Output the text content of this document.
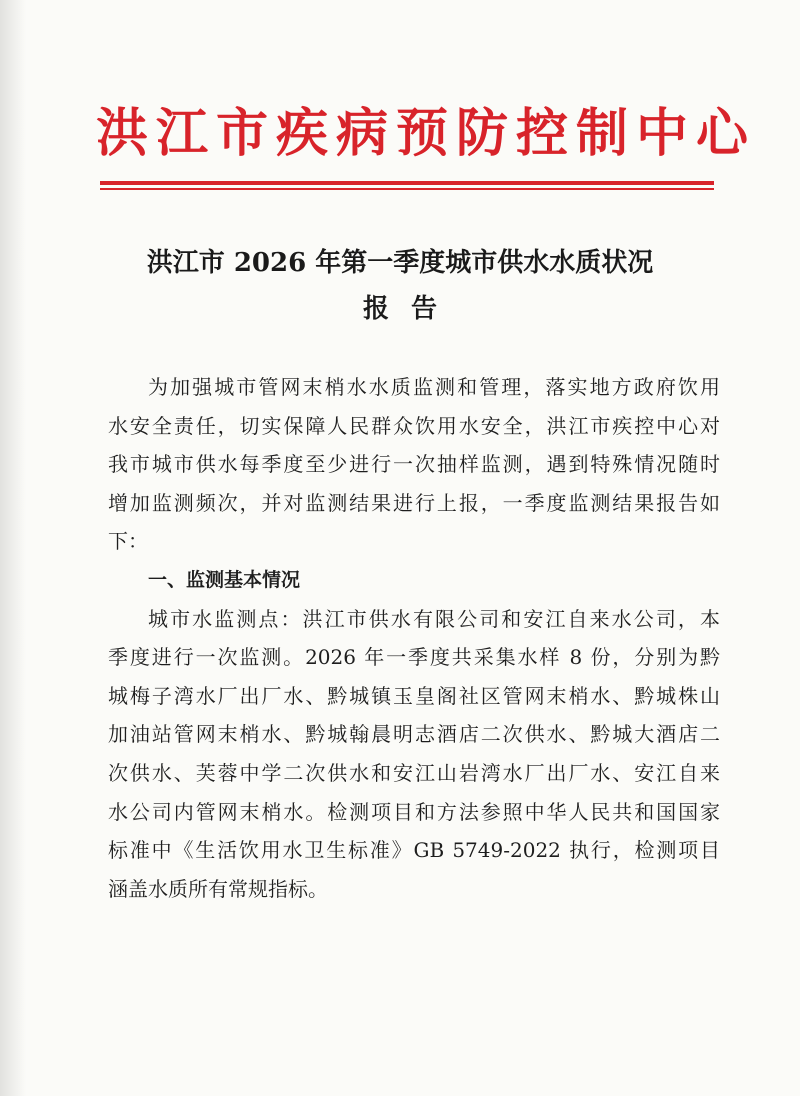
洪江市疾病预防控制中心
洪江市 2026 年第一季度城市供水水质状况
报告
为加强城市管网末梢水水质监测和管理，落实地方政府饮用
水安全责任，切实保障人民群众饮用水安全，洪江市疾控中心对
我市城市供水每季度至少进行一次抽样监测，遇到特殊情况随时
增加监测频次，并对监测结果进行上报，一季度监测结果报告如
下：
一、监测基本情况
城市水监测点：洪江市供水有限公司和安江自来水公司，本
季度进行一次监测。2026 年一季度共采集水样 8 份，分别为黔
城梅子湾水厂出厂水、黔城镇玉皇阁社区管网末梢水、黔城株山
加油站管网末梢水、黔城翰晨明志酒店二次供水、黔城大酒店二
次供水、芙蓉中学二次供水和安江山岩湾水厂出厂水、安江自来
水公司内管网末梢水。检测项目和方法参照中华人民共和国国家
标准中《生活饮用水卫生标准》GB 5749-2022 执行，检测项目
涵盖水质所有常规指标。
